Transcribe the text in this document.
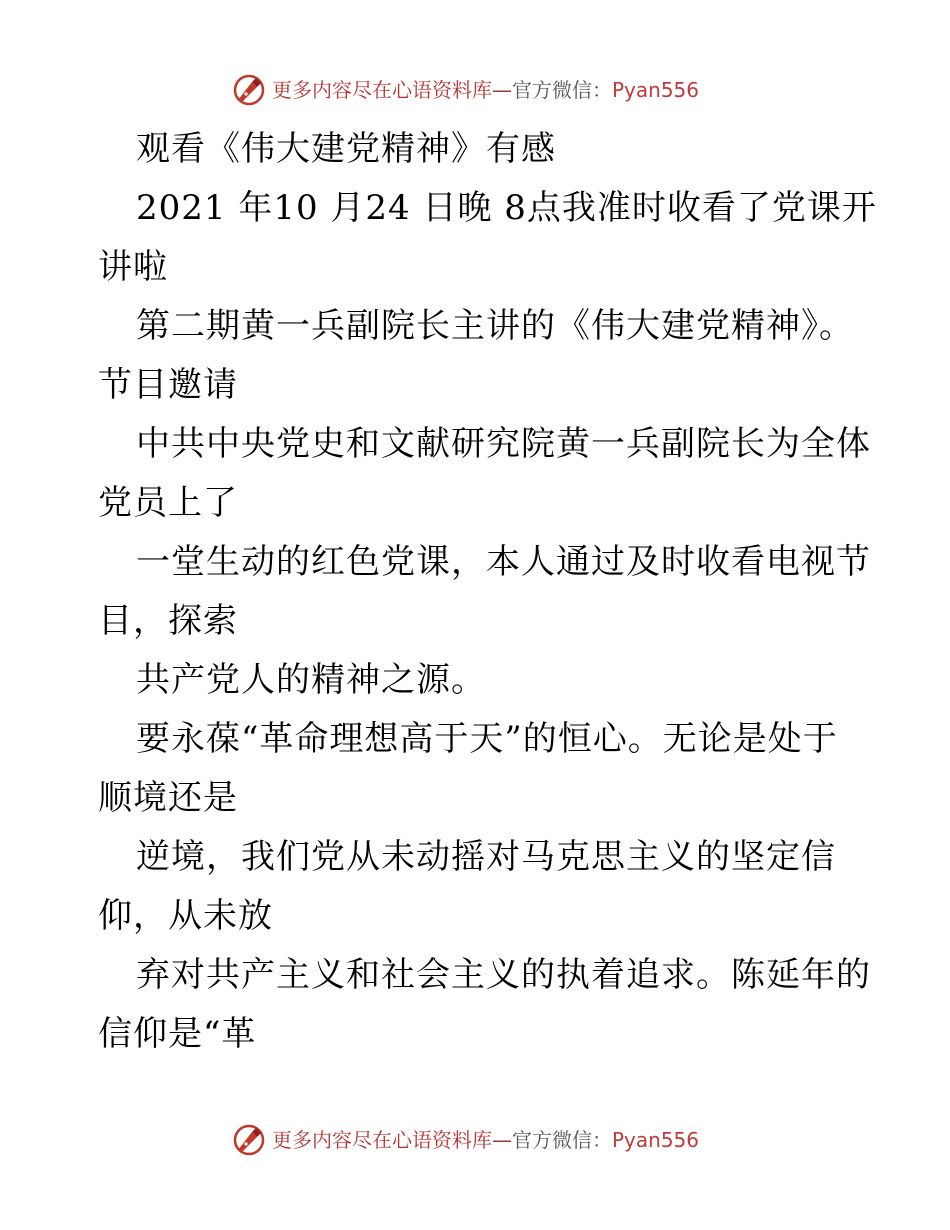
更多内容尽在心语资料库 — 官方微信： Pyan556
观看《伟大建党精神》有感
2021 年10 月24 日晚 8点我准时收看了党课开
讲啦
第二期黄一兵副院长主讲的《伟大建党精神》。
节目邀请
中共中央党史和文献研究院黄一兵副院长为全体
党员上了
一堂生动的红色党课，本人通过及时收看电视节
目，探索
共产党人的精神之源。
要永葆“革命理想高于天”的恒心。无论是处于
顺境还是
逆境，我们党从未动摇对马克思主义的坚定信
仰，从未放
弃对共产主义和社会主义的执着追求。陈延年的
信仰是“革
更多内容尽在心语资料库 — 官方微信： Pyan556
